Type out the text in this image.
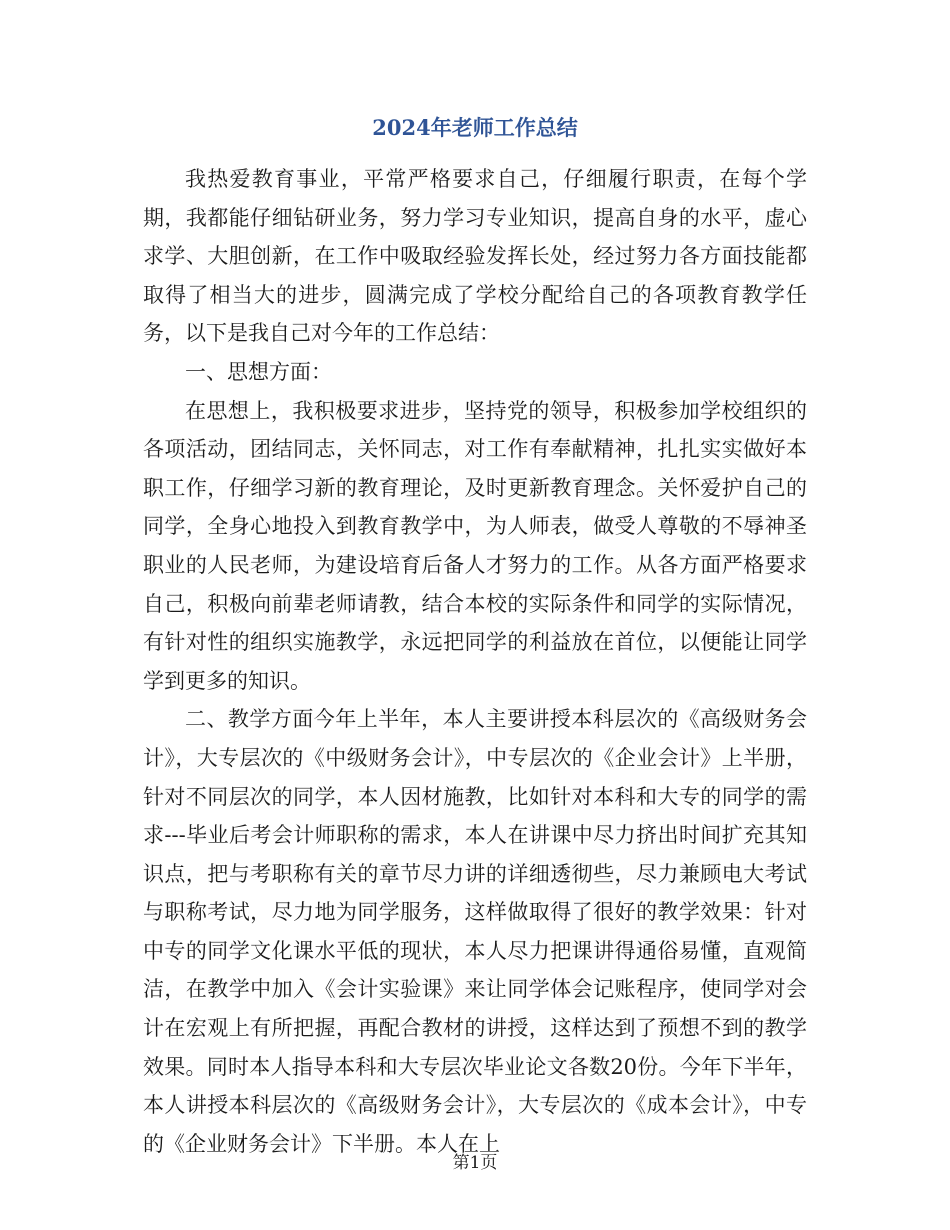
2024年老师工作总结

我热爱教育事业，平常严格要求自己，仔细履行职责，在每个学期，我都能仔细钻研业务，努力学习专业知识，提高自身的水平，虚心求学、大胆创新，在工作中吸取经验发挥长处，经过努力各方面技能都取得了相当大的进步，圆满完成了学校分配给自己的各项教育教学任务，以下是我自己对今年的工作总结：

一、思想方面：

在思想上，我积极要求进步，坚持党的领导，积极参加学校组织的各项活动，团结同志，关怀同志，对工作有奉献精神，扎扎实实做好本职工作，仔细学习新的教育理论，及时更新教育理念。关怀爱护自己的同学，全身心地投入到教育教学中，为人师表，做受人尊敬的不辱神圣职业的人民老师，为建设培育后备人才努力的工作。从各方面严格要求自己，积极向前辈老师请教，结合本校的实际条件和同学的实际情况，有针对性的组织实施教学，永远把同学的利益放在首位，以便能让同学学到更多的知识。

二、教学方面今年上半年，本人主要讲授本科层次的《高级财务会计》，大专层次的《中级财务会计》，中专层次的《企业会计》上半册，针对不同层次的同学，本人因材施教，比如针对本科和大专的同学的需求---毕业后考会计师职称的需求，本人在讲课中尽力挤出时间扩充其知识点，把与考职称有关的章节尽力讲的详细透彻些，尽力兼顾电大考试与职称考试，尽力地为同学服务，这样做取得了很好的教学效果：针对中专的同学文化课水平低的现状，本人尽力把课讲得通俗易懂，直观简洁，在教学中加入《会计实验课》来让同学体会记账程序，使同学对会计在宏观上有所把握，再配合教材的讲授，这样达到了预想不到的教学效果。同时本人指导本科和大专层次毕业论文各数20份。今年下半年，本人讲授本科层次的《高级财务会计》，大专层次的《成本会计》，中专的《企业财务会计》下半册。本人在上

第1页
